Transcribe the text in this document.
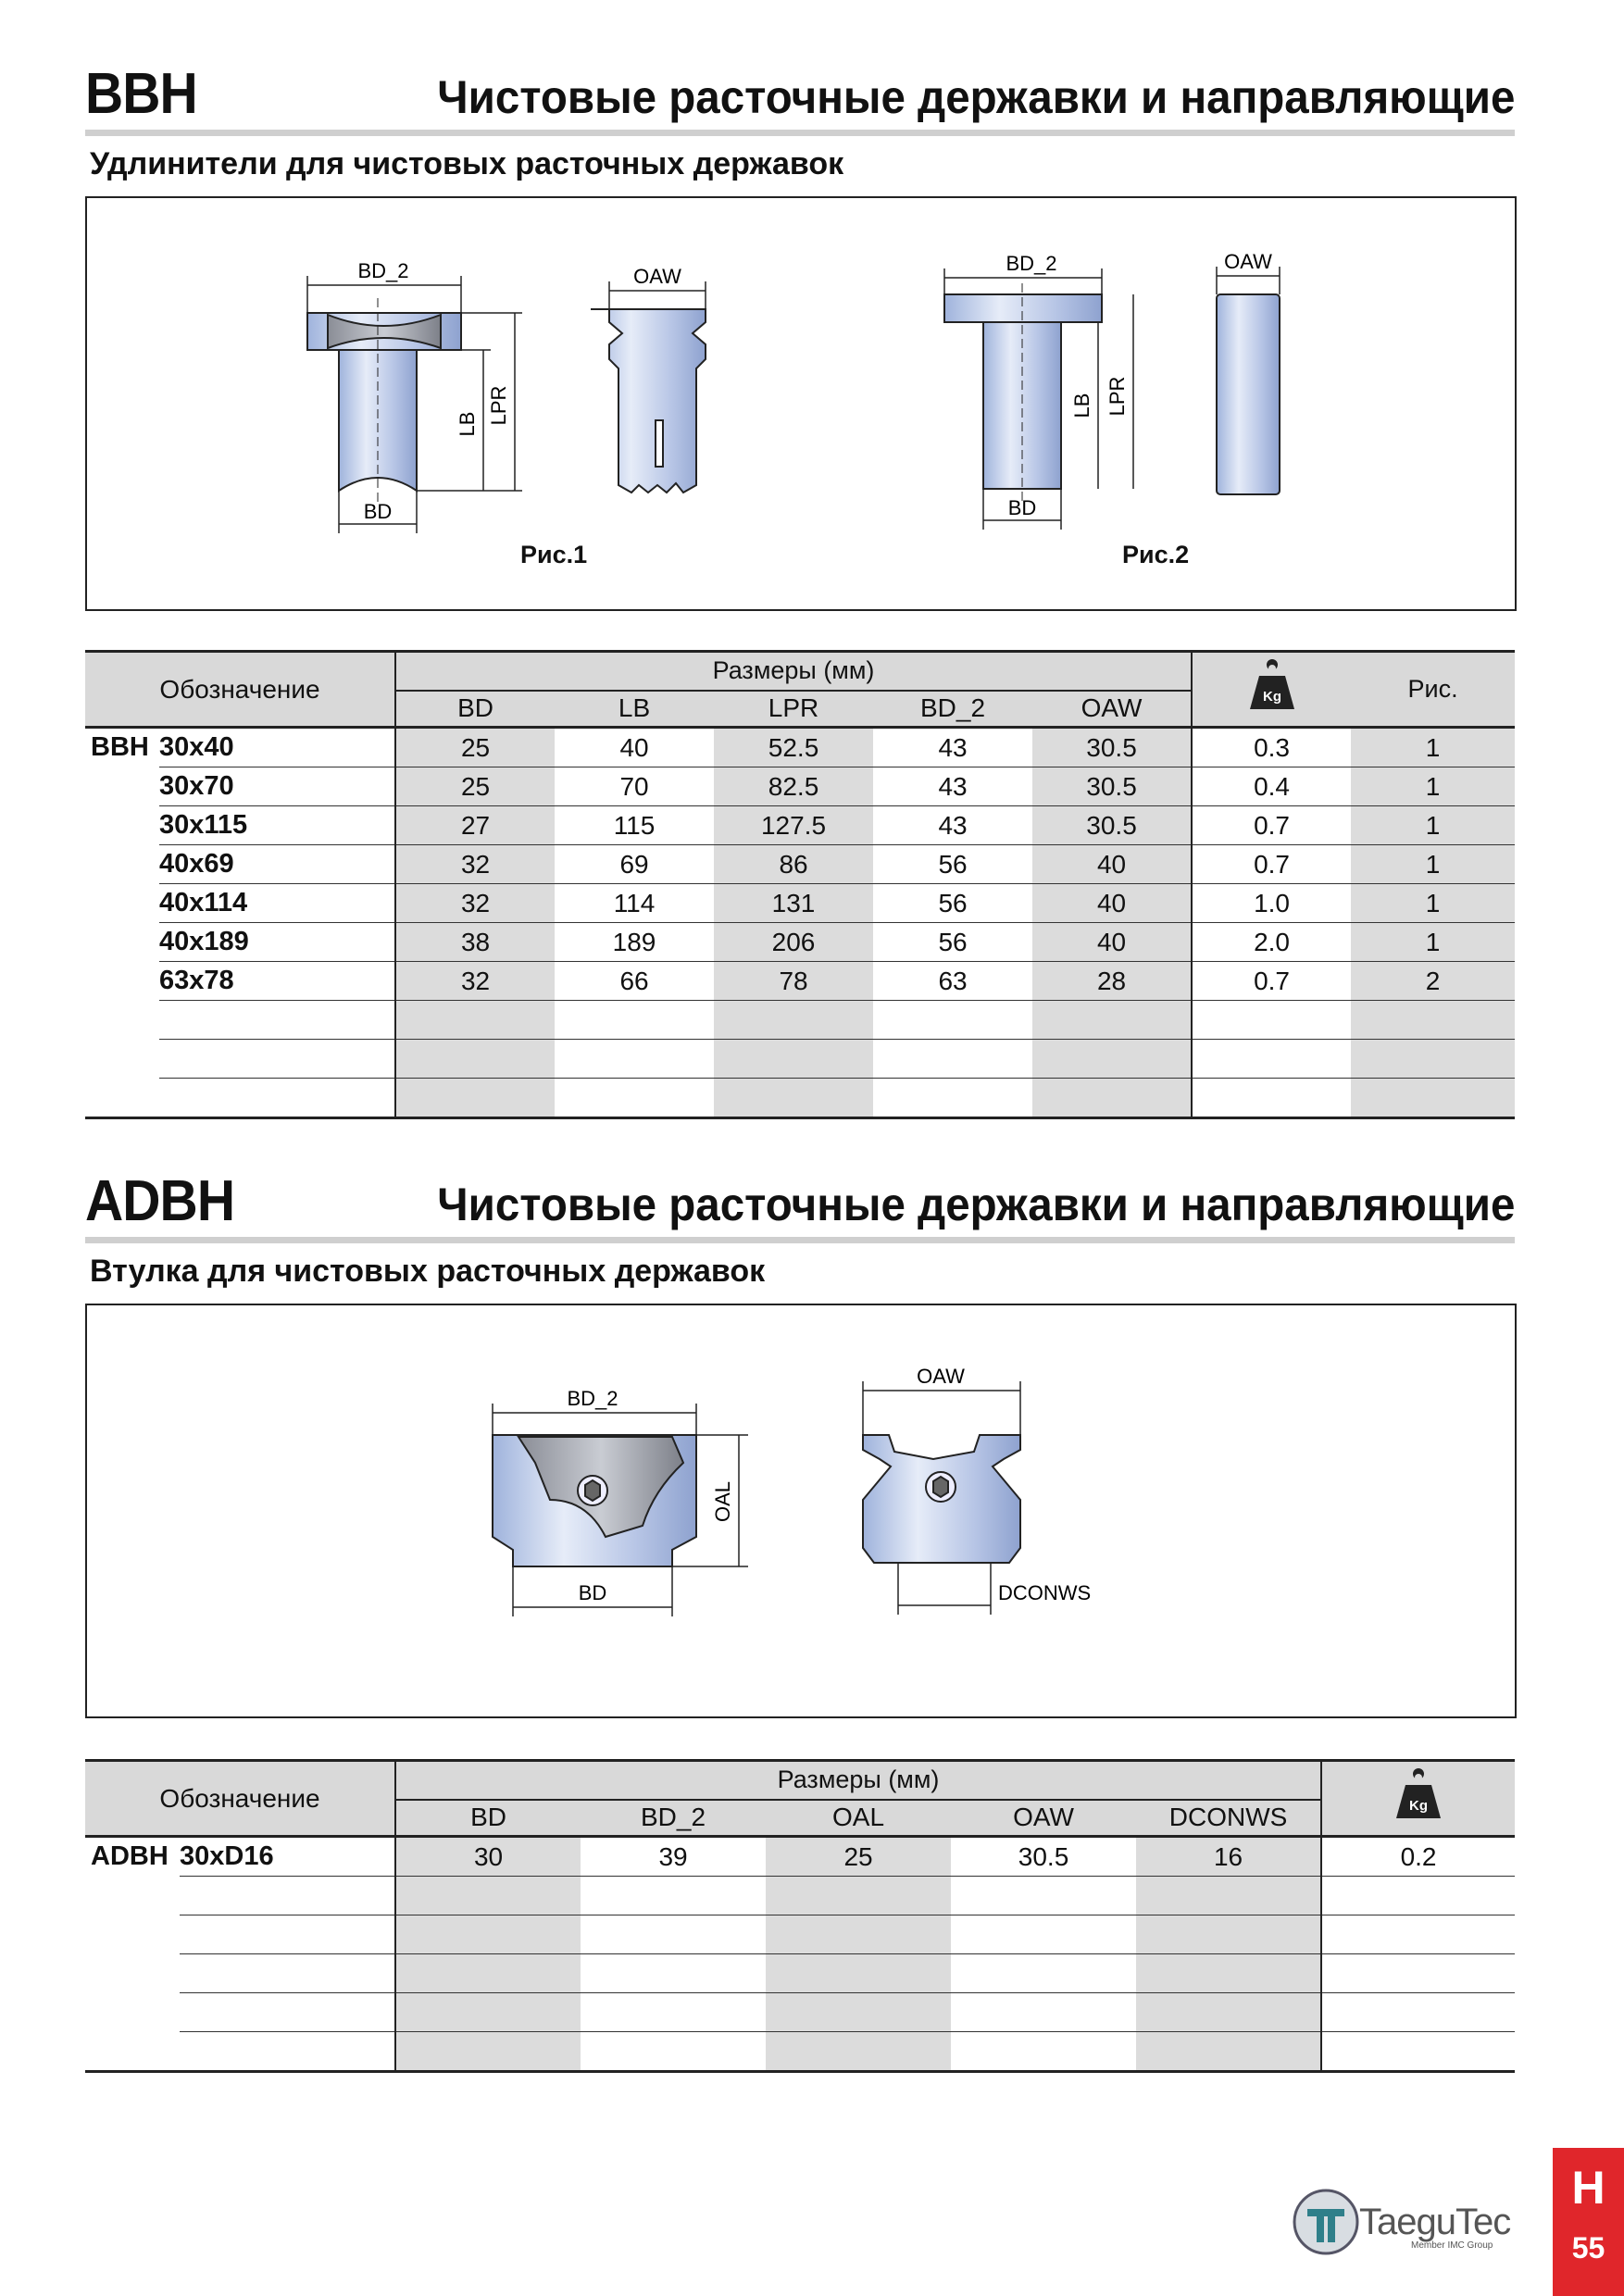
BBH	Чистовые расточные державки и направляющие
Удлинители для чистовых расточных державок
BD_2
BD
LB LPR
OAW
BD_2
BD
LB LPR
OAW
Рис.1	Рис.2
Обозначение		Размеры (мм)					Kg	Рис.
		BD	LB	LPR	BD_2	OAW		
BBH	30x40	25	40	52.5	43	30.5	0.3	1
	30x70	25	70	82.5	43	30.5	0.4	1
	30x115	27	115	127.5	43	30.5	0.7	1
	40x69	32	69	86	56	40	0.7	1
	40x114	32	114	131	56	40	1.0	1
	40x189	38	189	206	56	40	2.0	1
	63x78	32	66	78	63	28	0.7	2

ADBH	Чистовые расточные державки и направляющие
Втулка для чистовых расточных державок
BD_2
BD
OAL
OAW
DCONWS
Обозначение		Размеры (мм)					Kg

		BD	BD_2	OAL	OAW	DCONWS	
ADBH	30xD16	30	39	25	30.5	16	0.2

TaeguTec
Member IMC Group
H
55
